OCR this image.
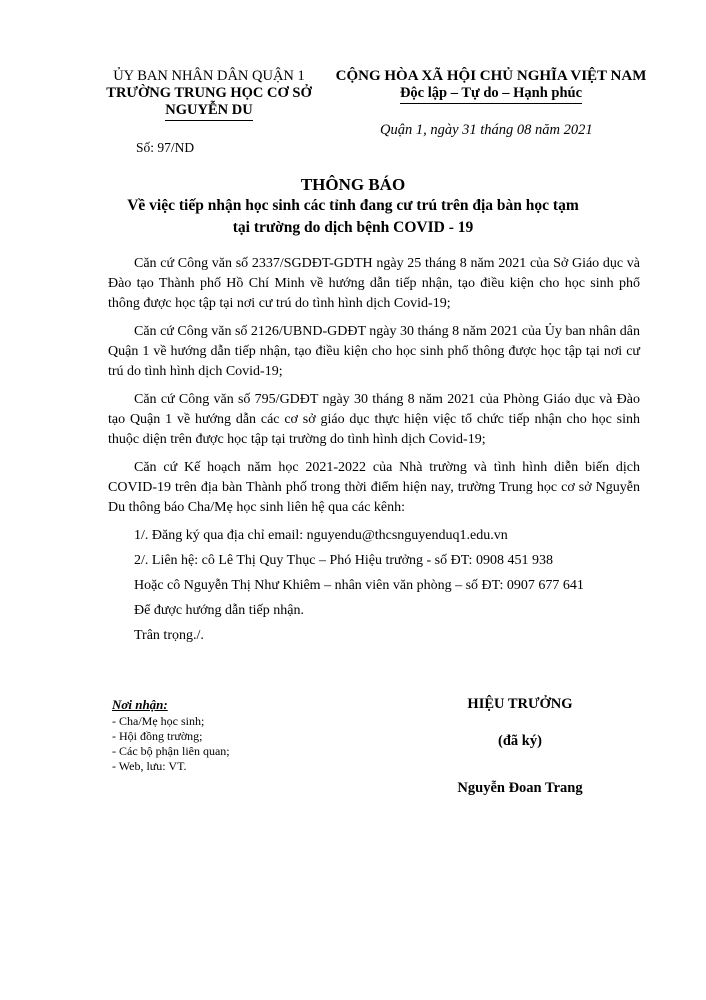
ỦY BAN NHÂN DÂN QUẬN 1
TRƯỜNG TRUNG HỌC CƠ SỞ
NGUYỄN DU
Số: 97/ND
CỘNG HÒA XÃ HỘI CHỦ NGHĨA VIỆT NAM
Độc lập – Tự do – Hạnh phúc
Quận 1, ngày 31 tháng 08 năm 2021
THÔNG BÁO
Về việc tiếp nhận học sinh các tỉnh đang cư trú trên địa bàn học tạm
tại trường do dịch bệnh COVID - 19

Căn cứ Công văn số 2337/SGDĐT-GDTH ngày 25 tháng 8 năm 2021 của Sở Giáo dục và Đào tạo Thành phố Hồ Chí Minh về hướng dẫn tiếp nhận, tạo điều kiện cho học sinh phổ thông được học tập tại nơi cư trú do tình hình dịch Covid-19;

Căn cứ Công văn số 2126/UBND-GDĐT ngày 30 tháng 8 năm 2021 của Ủy ban nhân dân Quận 1 về hướng dẫn tiếp nhận, tạo điều kiện cho học sinh phổ thông được học tập tại nơi cư trú do tình hình dịch Covid-19;

Căn cứ Công văn số 795/GDĐT ngày 30 tháng 8 năm 2021 của Phòng Giáo dục và Đào tạo Quận 1 về hướng dẫn các cơ sở giáo dục thực hiện việc tổ chức tiếp nhận cho học sinh thuộc diện trên được học tập tại trường do tình hình dịch Covid-19;

Căn cứ Kế hoạch năm học 2021-2022 của Nhà trường và tình hình diễn biến dịch COVID-19 trên địa bàn Thành phố trong thời điểm hiện nay, trường Trung học cơ sở Nguyễn Du thông báo Cha/Mẹ học sinh liên hệ qua các kênh:

1/. Đăng ký qua địa chỉ email: nguyendu@thcsnguyenduq1.edu.vn

2/. Liên hệ: cô Lê Thị Quy Thục – Phó Hiệu trưởng - số ĐT: 0908 451 938

Hoặc cô Nguyễn Thị Như Khiêm – nhân viên văn phòng – số ĐT: 0907 677 641

Để được hướng dẫn tiếp nhận.

Trân trọng./.

Nơi nhận:
- Cha/Mẹ học sinh;
- Hội đồng trường;
- Các bộ phận liên quan;
- Web, lưu: VT.
HIỆU TRƯỞNG
(đã ký)
Nguyễn Đoan Trang
